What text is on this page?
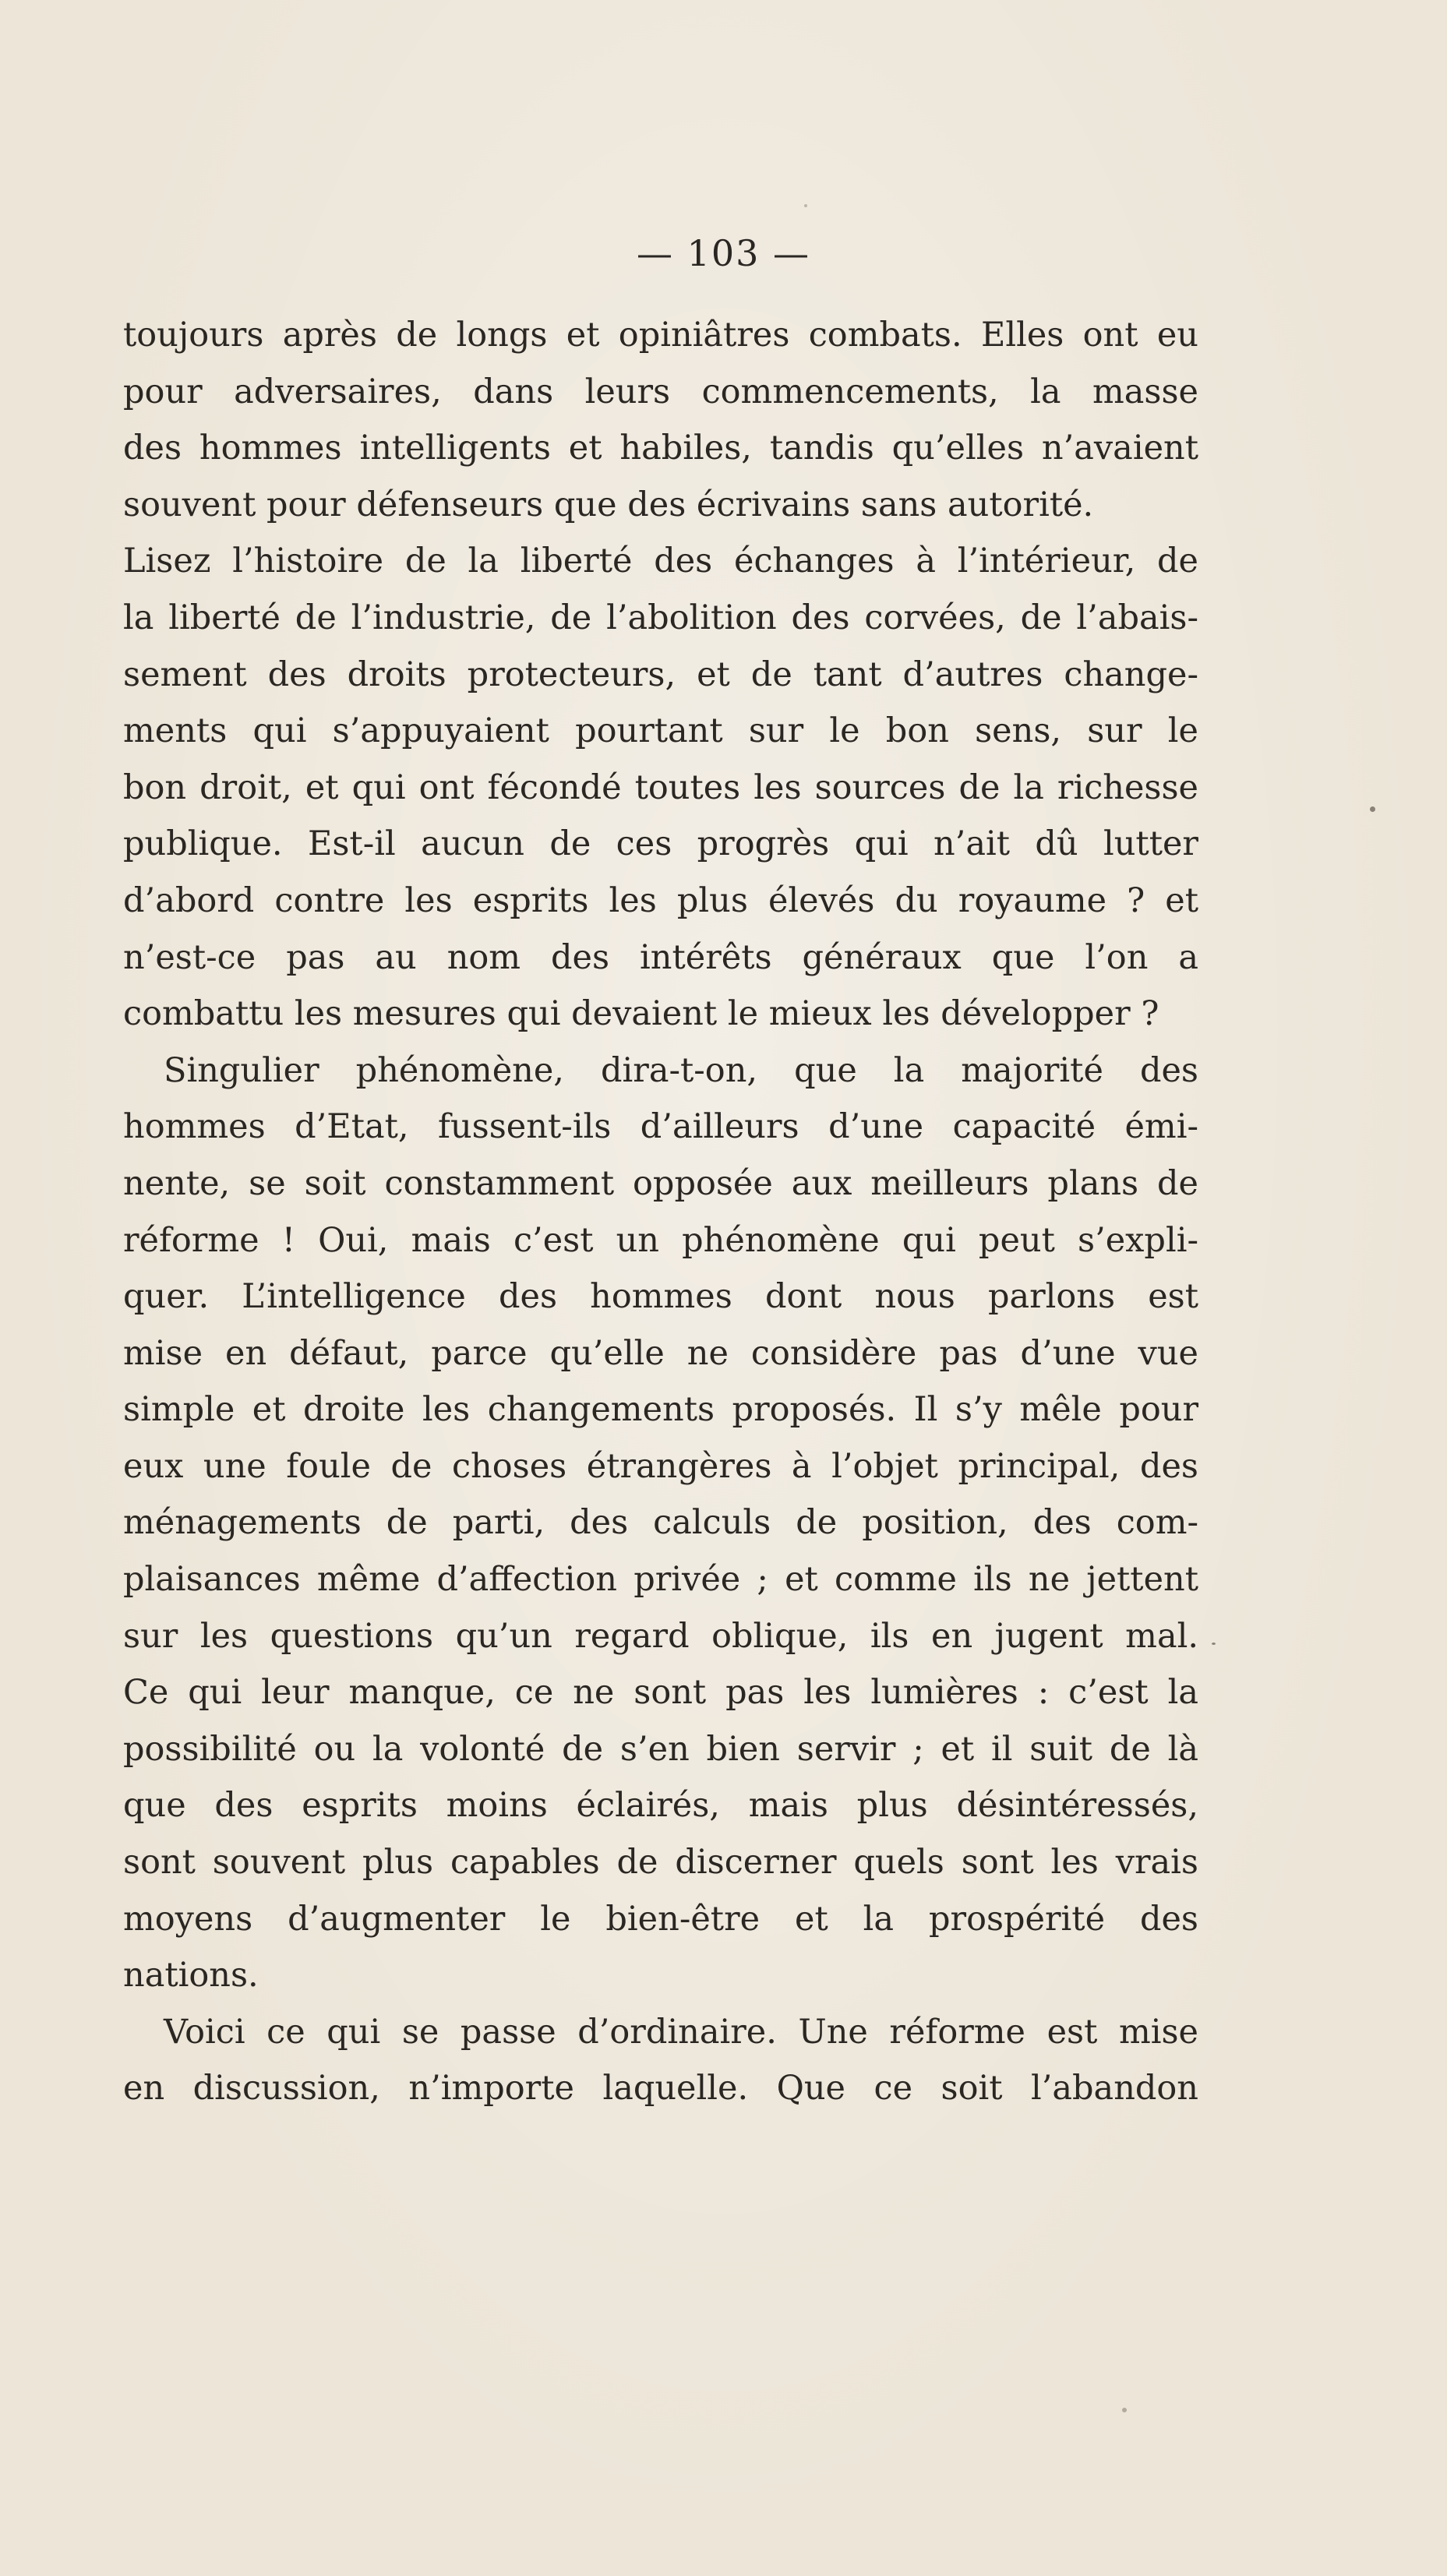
— 103 —
toujours après de longs et opiniâtres combats. Elles ont eu
pour adversaires, dans leurs commencements, la masse
des hommes intelligents et habiles, tandis qu’elles n’avaient
souvent pour défenseurs que des écrivains sans autorité.
Lisez l’histoire de la liberté des échanges à l’intérieur, de
la liberté de l’industrie, de l’abolition des corvées, de l’abais-
sement des droits protecteurs, et de tant d’autres change-
ments qui s’appuyaient pourtant sur le bon sens, sur le
bon droit, et qui ont fécondé toutes les sources de la richesse
publique. Est-il aucun de ces progrès qui n’ait dû lutter
d’abord contre les esprits les plus élevés du royaume ? et
n’est-ce pas au nom des intérêts généraux que l’on a
combattu les mesures qui devaient le mieux les développer ?
Singulier phénomène, dira-t-on, que la majorité des
hommes d’Etat, fussent-ils d’ailleurs d’une capacité émi-
nente, se soit constamment opposée aux meilleurs plans de
réforme ! Oui, mais c’est un phénomène qui peut s’expli-
quer. L’intelligence des hommes dont nous parlons est
mise en défaut, parce qu’elle ne considère pas d’une vue
simple et droite les changements proposés. Il s’y mêle pour
eux une foule de choses étrangères à l’objet principal, des
ménagements de parti, des calculs de position, des com-
plaisances même d’affection privée ; et comme ils ne jettent
sur les questions qu’un regard oblique, ils en jugent mal.
Ce qui leur manque, ce ne sont pas les lumières : c’est la
possibilité ou la volonté de s’en bien servir ; et il suit de là
que des esprits moins éclairés, mais plus désintéressés,
sont souvent plus capables de discerner quels sont les vrais
moyens d’augmenter le bien-être et la prospérité des
nations.
Voici ce qui se passe d’ordinaire. Une réforme est mise
en discussion, n’importe laquelle. Que ce soit l’abandon
